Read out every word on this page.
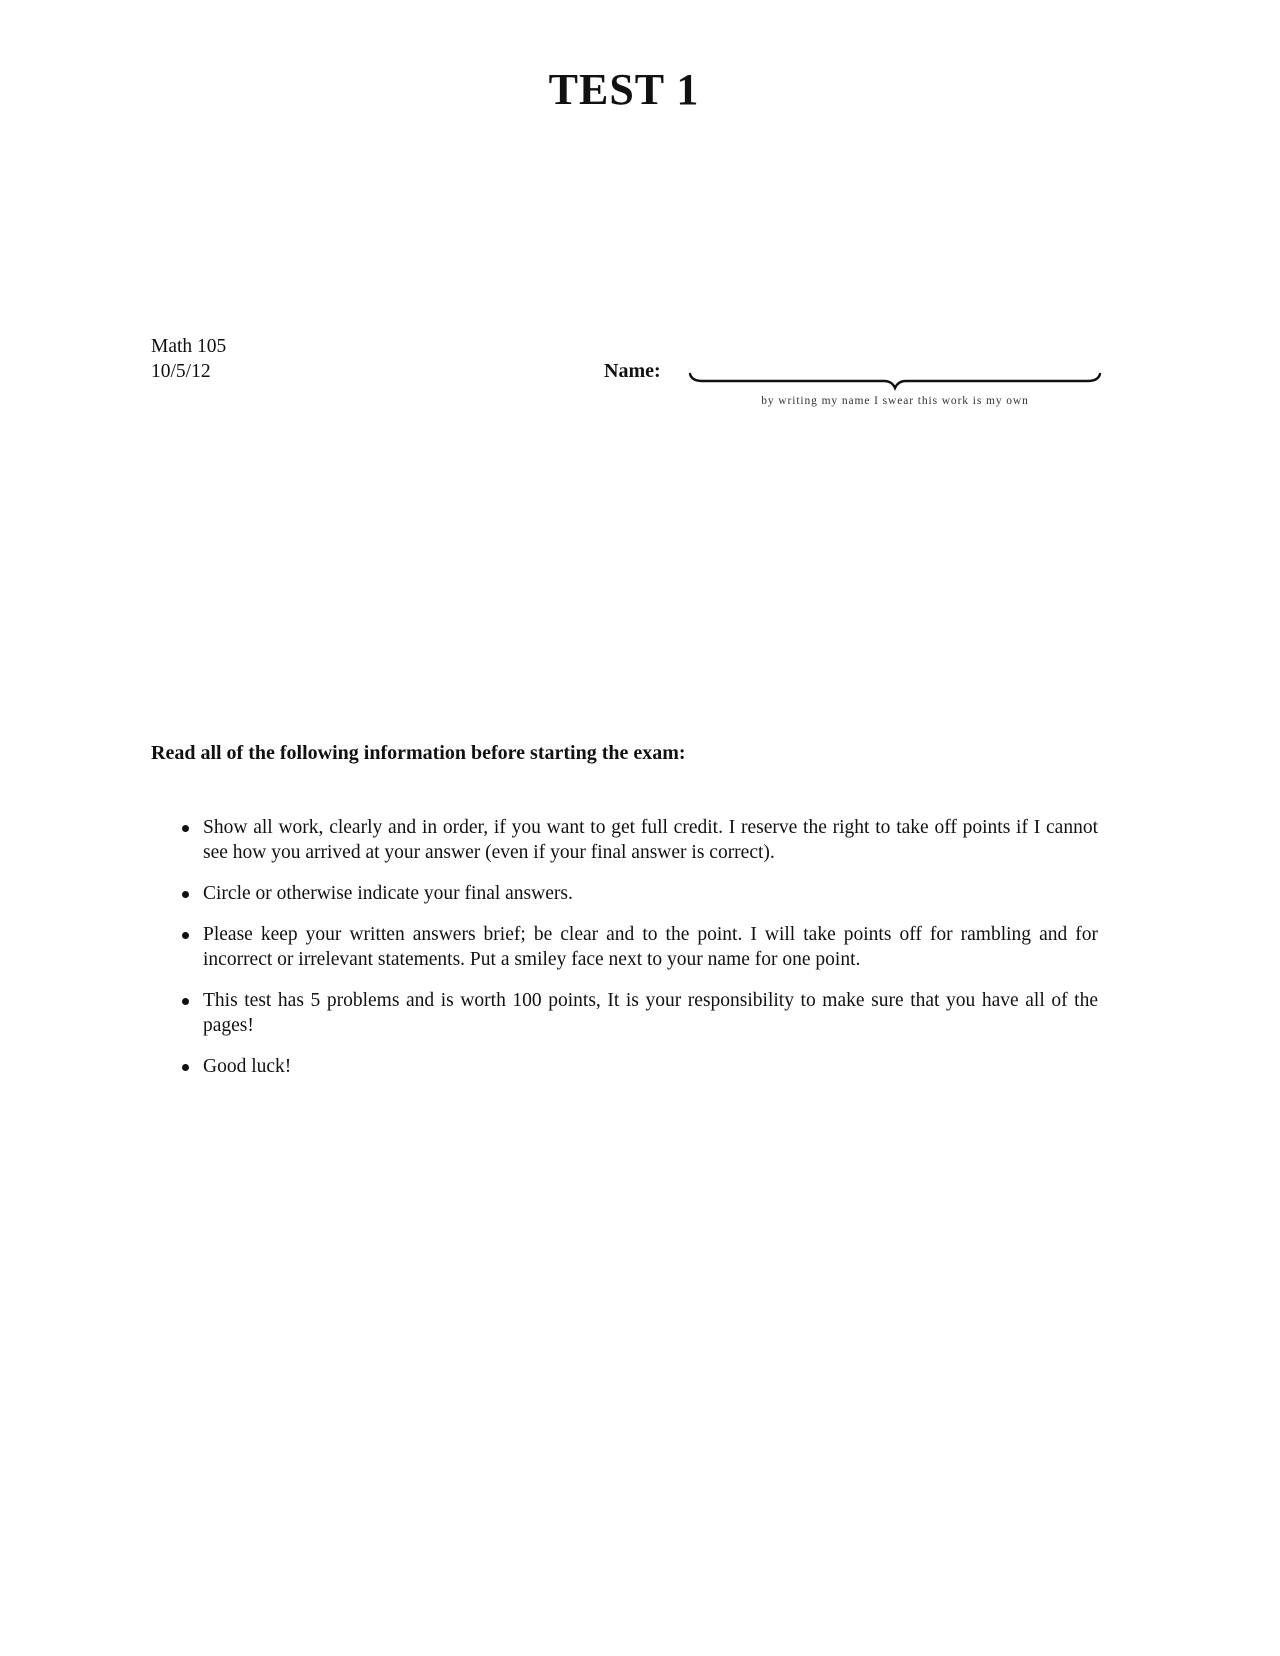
TEST 1
Math 105
10/5/12	Name:
by writing my name I swear this work is my own
Read all of the following information before starting the exam:
Show all work, clearly and in order, if you want to get full credit. I reserve the right to take off points if I cannot see how you arrived at your answer (even if your final answer is correct).
Circle or otherwise indicate your final answers.
Please keep your written answers brief; be clear and to the point. I will take points off for rambling and for incorrect or irrelevant statements. Put a smiley face next to your name for one point.
This test has 5 problems and is worth 100 points, It is your responsibility to make sure that you have all of the pages!
Good luck!
